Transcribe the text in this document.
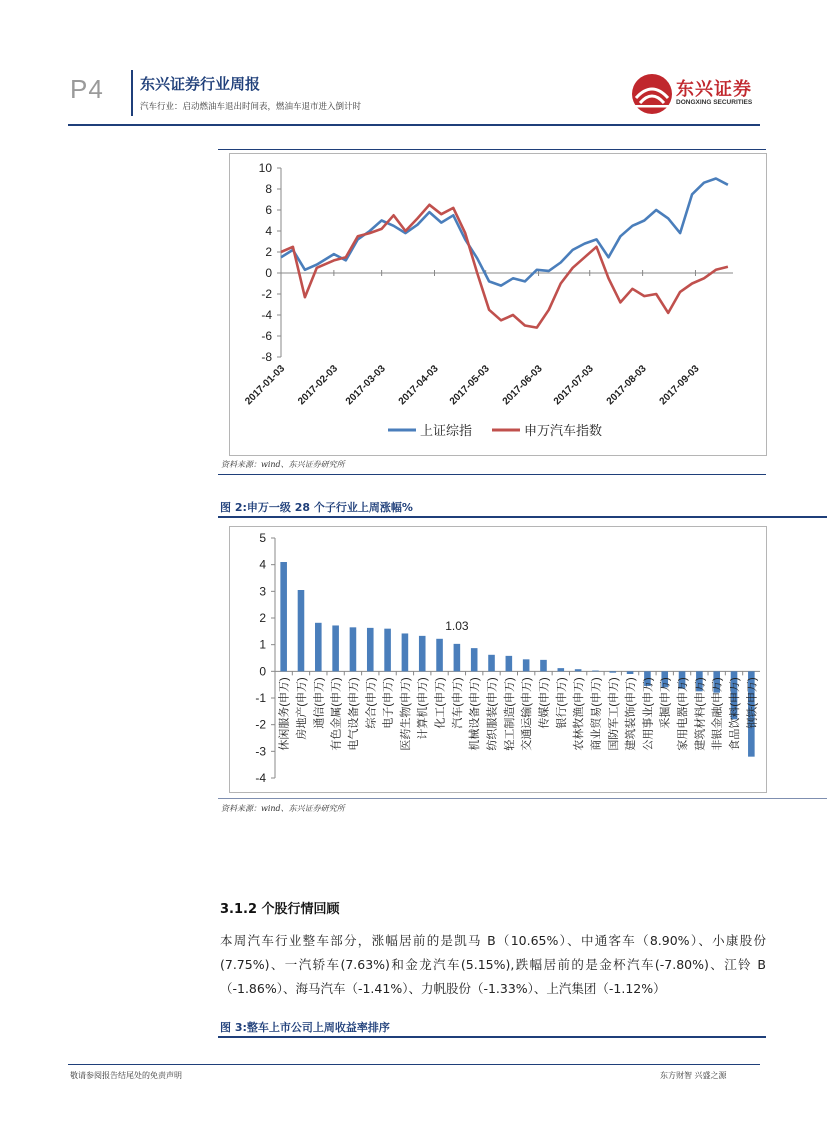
P4 东兴证券行业周报
汽车行业：启动燃油车退出时间表，燃油车退市进入倒计时
东兴证券
DONGXING SECURITIES
-8
-6
-4
-2
0
2
4
6
8
10
2017-01-03 2017-02-03 2017-03-03 2017-04-03 2017-05-03 2017-06-03 2017-07-03 2017-08-03 2017-09-03
上证综指	申万汽车指数
资料来源：wind、东兴证券研究所
图 2:申万一级 28 个子行业上周涨幅%
-4
-3
-2
-1
0
1
2
3
4
5
休闲服务(申万) 房地产(申万) 通信(申万) 有色金属(申万) 电气设备(申万) 综合(申万) 电子(申万) 医药生物(申万) 计算机(申万) 化工(申万) 汽车(申万) 机械设备(申万) 纺织服装(申万) 轻工制造(申万) 交通运输(申万) 传媒(申万) 银行(申万) 农林牧渔(申万) 商业贸易(申万) 国防军工(申万) 建筑装饰(申万) 公用事业(申万) 采掘(申万) 家用电器(申万) 建筑材料(申万) 非银金融(申万) 食品饮料(申万) 钢铁(申万)
1.03
资料来源：wind、东兴证券研究所
3.1.2 个股行情回顾
本周汽车行业整车部分，涨幅居前的是凯马 B（10.65%）、中通客车（8.90%）、小康股份(7.75%)、一汽轿车(7.63%)和金龙汽车(5.15%),跌幅居前的是金杯汽车(-7.80%)、江铃 B（-1.86%）、海马汽车（-1.41%）、力帆股份（-1.33%）、上汽集团（-1.12%）
图 3:整车上市公司上周收益率排序
敬请参阅报告结尾处的免责声明	东方财智 兴盛之源
